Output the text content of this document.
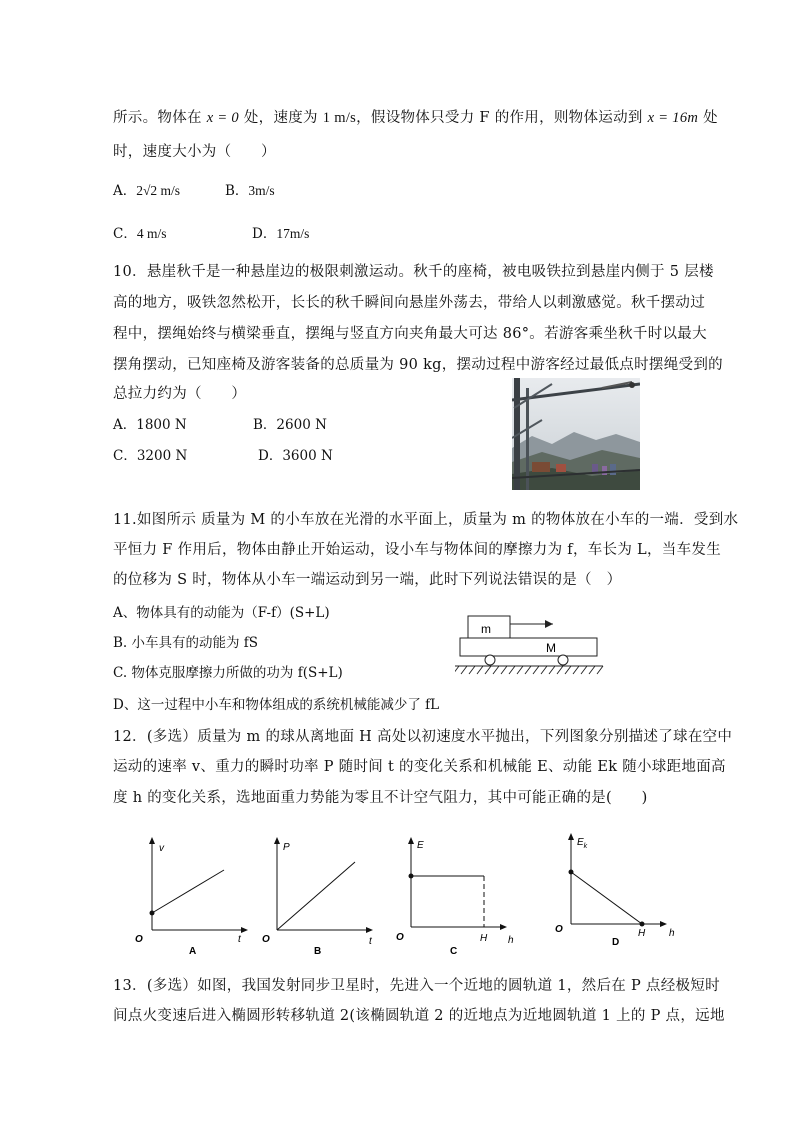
所示。物体在 x = 0 处，速度为 1 m/s，假设物体只受力 F 的作用，则物体运动到 x = 16m 处
时，速度大小为（　　）
A．2√2 m/s	B．3m/s
C．4 m/s	D．17m/s
10．悬崖秋千是一种悬崖边的极限刺激运动。秋千的座椅，被电吸铁拉到悬崖内侧于 5 层楼
高的地方，吸铁忽然松开，长长的秋千瞬间向悬崖外荡去，带给人以刺激感觉。秋千摆动过
程中，摆绳始终与横梁垂直，摆绳与竖直方向夹角最大可达 86°。若游客乘坐秋千时以最大
摆角摆动，已知座椅及游客装备的总质量为 90 kg，摆动过程中游客经过最低点时摆绳受到的
总拉力约为（　　）
A．1800 N	B．2600 N
C．3200 N	D．3600 N
11.如图所示 质量为 M 的小车放在光滑的水平面上，质量为 m 的物体放在小车的一端．受到水
平恒力 F 作用后，物体由静止开始运动，设小车与物体间的摩擦力为 f，车长为 L，当车发生
的位移为 S 时，物体从小车一端运动到另一端，此时下列说法错误的是（　）
A、物体具有的动能为（F-f）(S+L)
B. 小车具有的动能为 fS
C. 物体克服摩擦力所做的功为 f(S+L)
D、这一过程中小车和物体组成的系统机械能减少了 fL
m
M
12．(多选）质量为 m 的球从离地面 H 高处以初速度水平抛出，下列图象分别描述了球在空中
运动的速率 v、重力的瞬时功率 P 随时间 t 的变化关系和机械能 E、动能 Ek 随小球距地面高
度 h 的变化关系，选地面重力势能为零且不计空气阻力，其中可能正确的是(　　)
v
t
O
A
P
t
O
B
E
H h
O
C
$E_k$
H h
O
D
13．(多选）如图，我国发射同步卫星时，先进入一个近地的圆轨道 1，然后在 P 点经极短时
间点火变速后进入椭圆形转移轨道 2(该椭圆轨道 2 的近地点为近地圆轨道 1 上的 P 点，远地
